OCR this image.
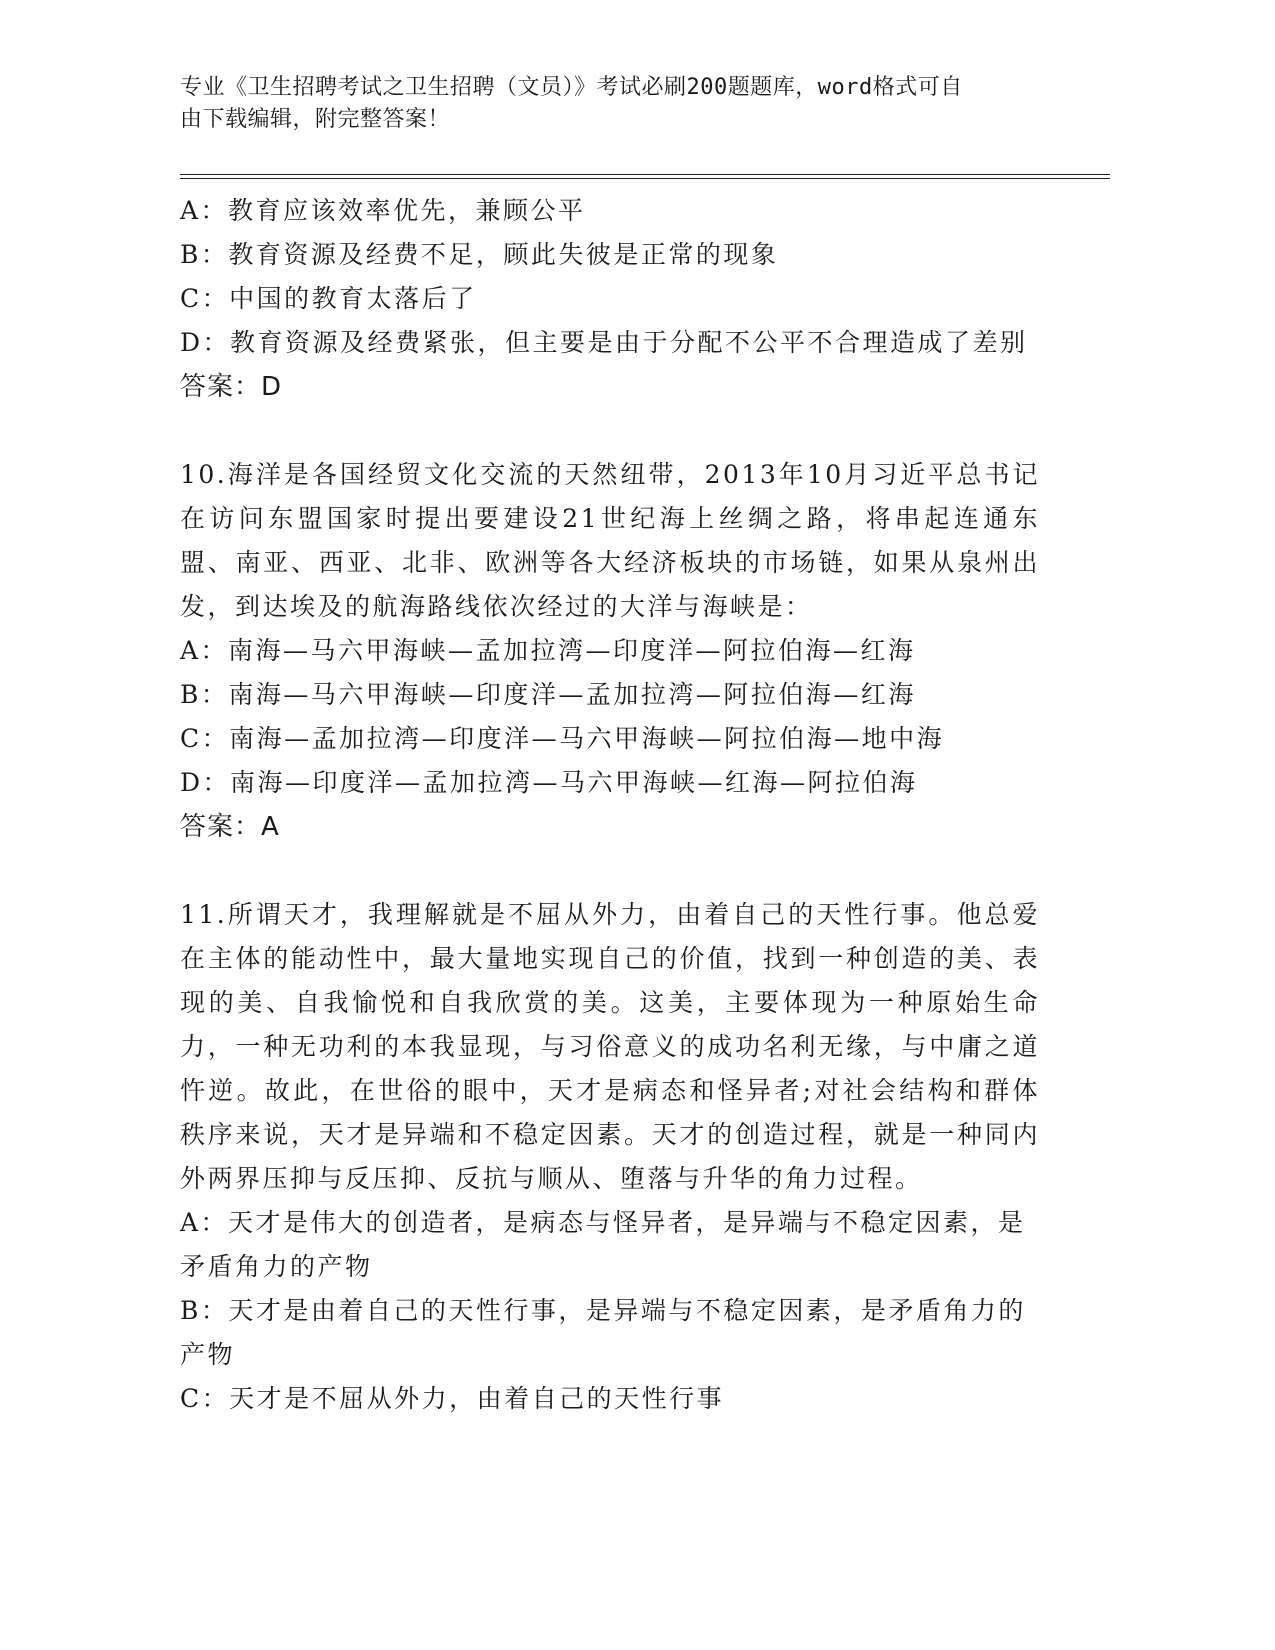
专业《卫生招聘考试之卫生招聘（文员）》考试必刷200题题库，word格式可自
由下载编辑，附完整答案！
A：教育应该效率优先，兼顾公平
B：教育资源及经费不足，顾此失彼是正常的现象
C：中国的教育太落后了
D：教育资源及经费紧张，但主要是由于分配不公平不合理造成了差别
答案：D
10.海洋是各国经贸文化交流的天然纽带，2013年10月习近平总书记在访问东盟国家时提出要建设21世纪海上丝绸之路，将串起连通东盟、南亚、西亚、北非、欧洲等各大经济板块的市场链，如果从泉州出发，到达埃及的航海路线依次经过的大洋与海峡是：
A：南海—马六甲海峡—孟加拉湾—印度洋—阿拉伯海—红海
B：南海—马六甲海峡—印度洋—孟加拉湾—阿拉伯海—红海
C：南海—孟加拉湾—印度洋—马六甲海峡—阿拉伯海—地中海
D：南海—印度洋—孟加拉湾—马六甲海峡—红海—阿拉伯海
答案：A
11.所谓天才，我理解就是不屈从外力，由着自己的天性行事。他总爱在主体的能动性中，最大量地实现自己的价值，找到一种创造的美、表现的美、自我愉悦和自我欣赏的美。这美，主要体现为一种原始生命力，一种无功利的本我显现，与习俗意义的成功名利无缘，与中庸之道忤逆。故此，在世俗的眼中，天才是病态和怪异者;对社会结构和群体秩序来说，天才是异端和不稳定因素。天才的创造过程，就是一种同内外两界压抑与反压抑、反抗与顺从、堕落与升华的角力过程。
A：天才是伟大的创造者，是病态与怪异者，是异端与不稳定因素，是矛盾角力的产物
B：天才是由着自己的天性行事，是异端与不稳定因素，是矛盾角力的产物
C：天才是不屈从外力，由着自己的天性行事
